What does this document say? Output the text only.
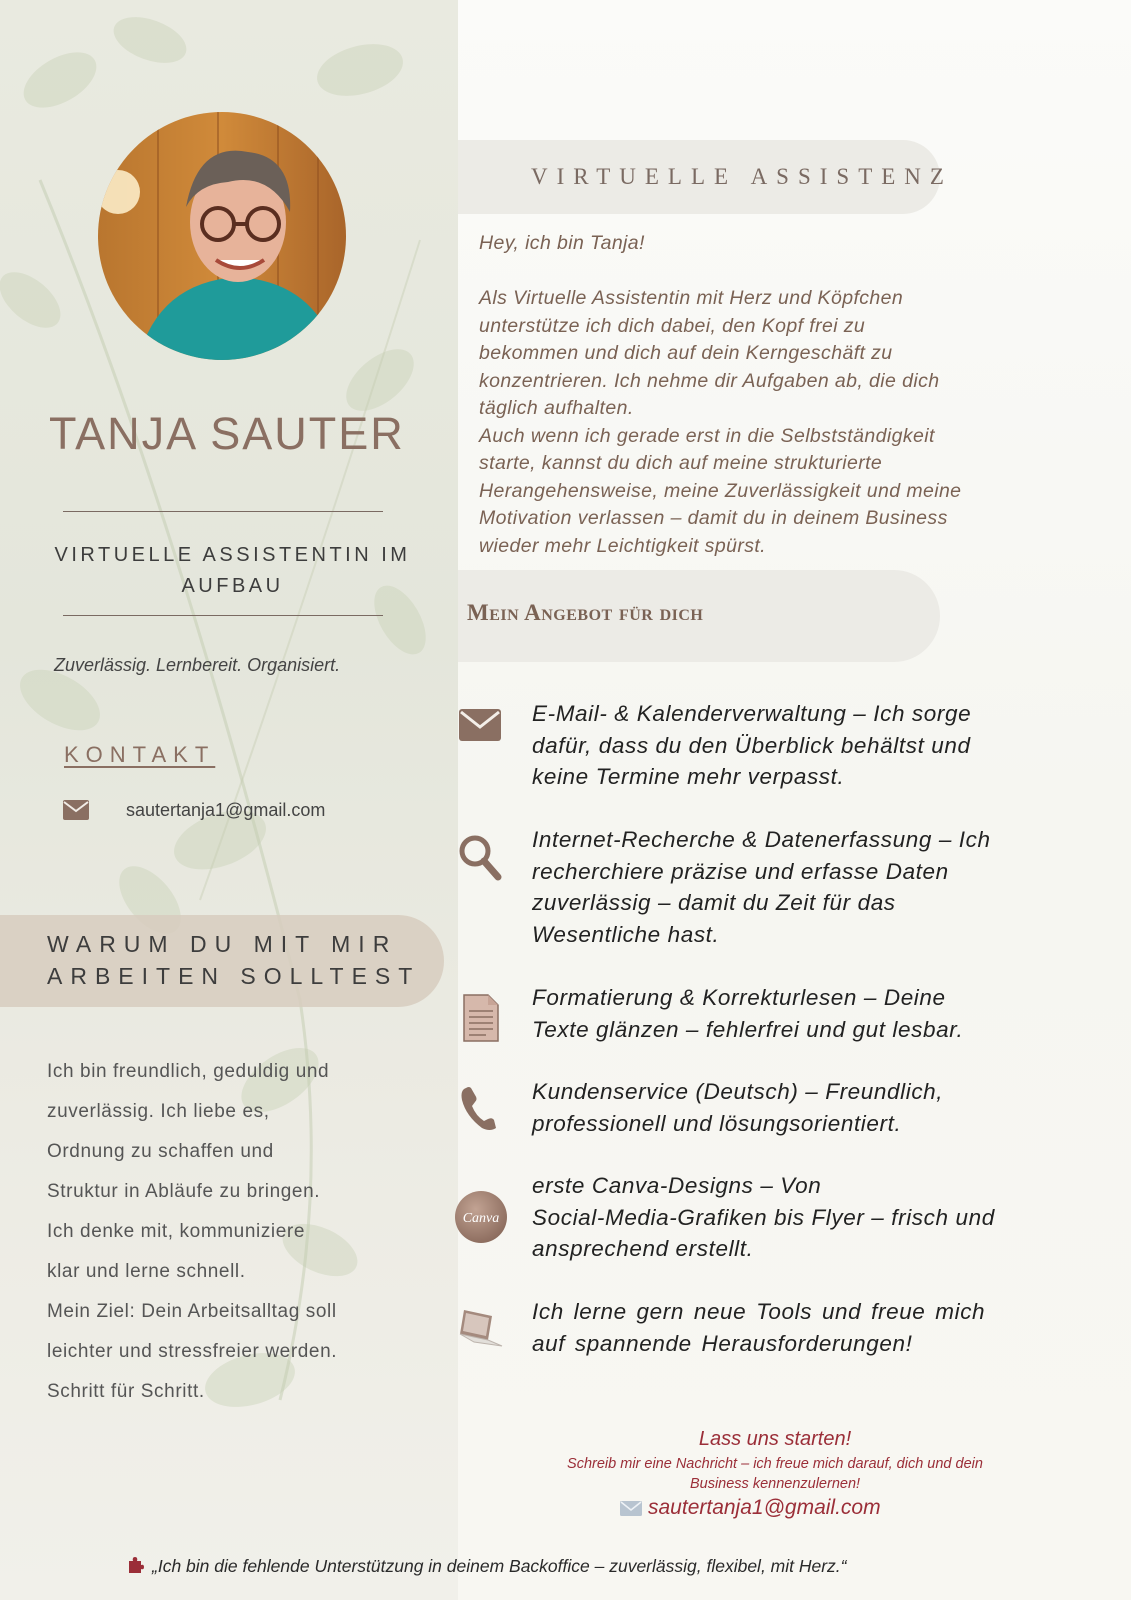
TANJA SAUTER
VIRTUELLE ASSISTENTIN IM AUFBAU
Zuverlässig. Lernbereit. Organisiert.
KONTAKT
sautertanja1@gmail.com
WARUM DU MIT MIR ARBEITEN SOLLTEST
Ich bin freundlich, geduldig und
zuverlässig. Ich liebe es,
Ordnung zu schaffen und
Struktur in Abläufe zu bringen.
Ich denke mit, kommuniziere
klar und lerne schnell.
Mein Ziel: Dein Arbeitsalltag soll
leichter und stressfreier werden.
Schritt für Schritt.
VIRTUELLE ASSISTENZ
Hey, ich bin Tanja!
Als Virtuelle Assistentin mit Herz und Köpfchen
unterstütze ich dich dabei, den Kopf frei zu
bekommen und dich auf dein Kerngeschäft zu
konzentrieren. Ich nehme dir Aufgaben ab, die dich
täglich aufhalten.
Auch wenn ich gerade erst in die Selbstständigkeit
starte, kannst du dich auf meine strukturierte
Herangehensweise, meine Zuverlässigkeit und meine
Motivation verlassen – damit du in deinem Business
wieder mehr Leichtigkeit spürst.
Mein Angebot für dich
E-Mail- & Kalenderverwaltung – Ich sorge
dafür, dass du den Überblick behältst und
keine Termine mehr verpasst.
Internet-Recherche & Datenerfassung – Ich
recherchiere präzise und erfasse Daten
zuverlässig – damit du Zeit für das
Wesentliche hast.
Formatierung & Korrekturlesen – Deine
Texte glänzen – fehlerfrei und gut lesbar.
Kundenservice (Deutsch) – Freundlich,
professionell und lösungsorientiert.
Canva
erste Canva-Designs – Von
Social-Media-Grafiken bis Flyer – frisch und
ansprechend erstellt.
Ich lerne gern neue Tools und freue mich
auf spannende Herausforderungen!
Lass uns starten!
Schreib mir eine Nachricht – ich freue mich darauf, dich und dein
Business kennenzulernen!
sautertanja1@gmail.com
„Ich bin die fehlende Unterstützung in deinem Backoffice – zuverlässig, flexibel, mit Herz.“
